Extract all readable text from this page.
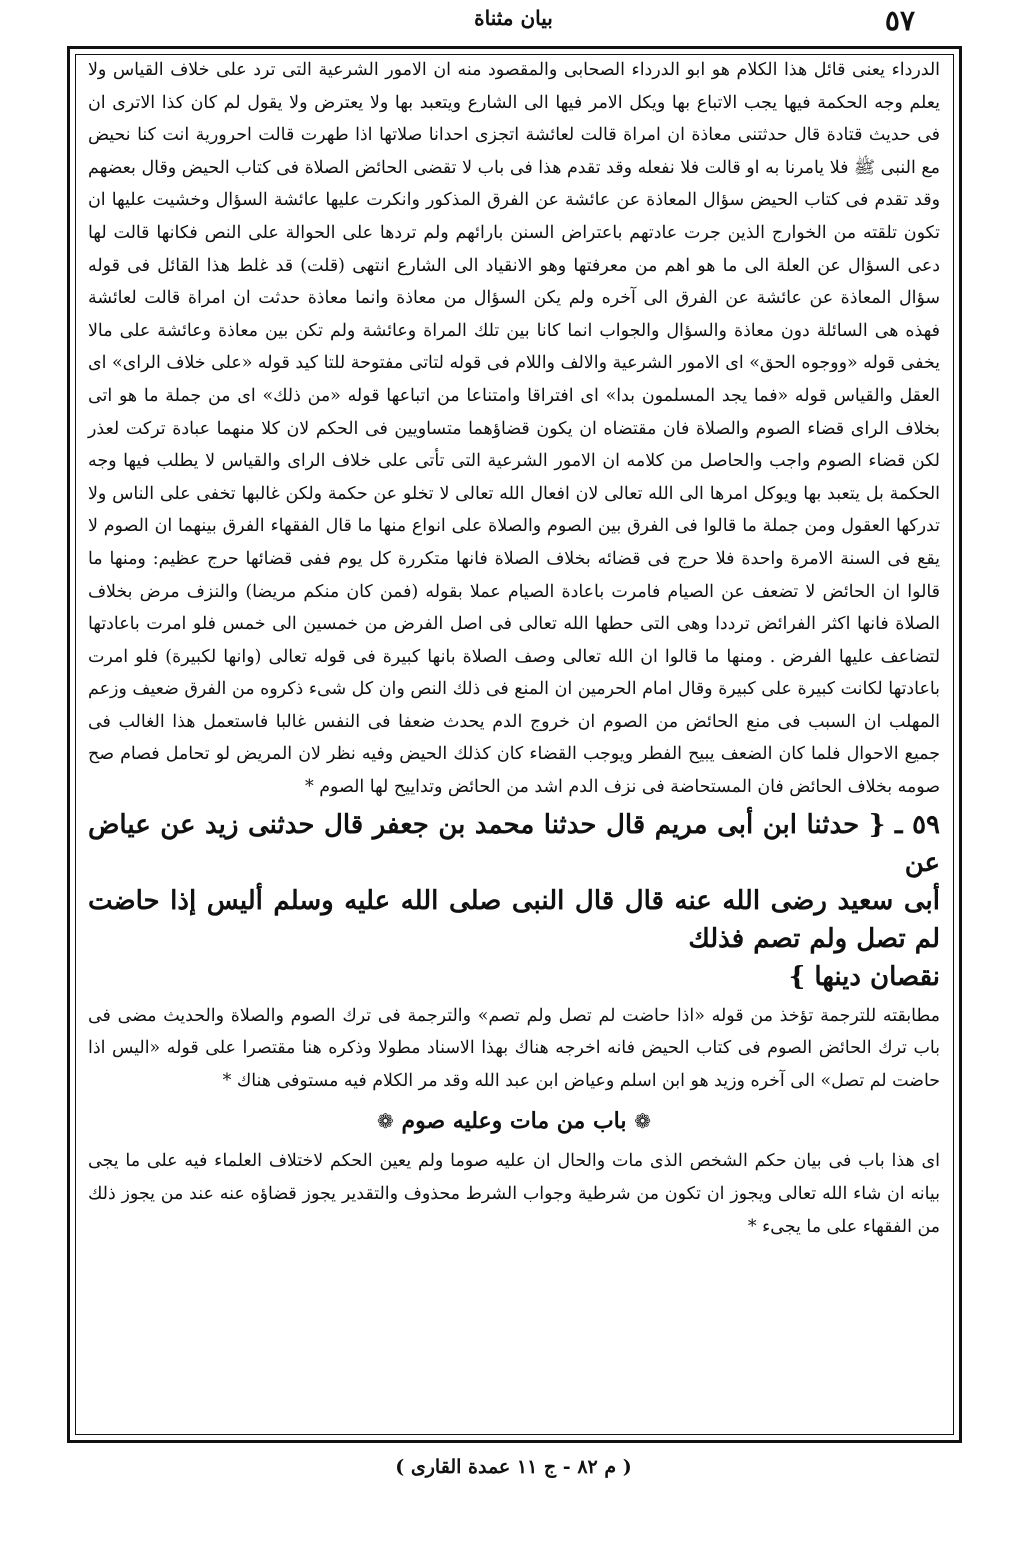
٥٧
بيان مثناة
الدرداء يعنى قائل هذا الكلام هو ابو الدرداء الصحابى والمقصود منه ان الامور الشرعية التى ترد على خلاف القياس ولا يعلم وجه الحكمة فيها يجب الاتباع بها ويكل الامر فيها الى الشارع ويتعبد بها ولا يعترض ولا يقول لم كان كذا الاترى ان فى حديث قتادة قال حدثتنى معاذة ان امراة قالت لعائشة اتجزى احدانا صلاتها اذا طهرت قالت احرورية انت كنا نحيض مع النبى ﷺ فلا يامرنا به او قالت فلا نفعله وقد تقدم هذا فى باب لا تقضى الحائض الصلاة فى كتاب الحيض وقال بعضهم وقد تقدم فى كتاب الحيض سؤال المعاذة عن عائشة عن الفرق المذكور وانكرت عليها عائشة السؤال وخشيت عليها ان تكون تلقته من الخوارج الذين جرت عادتهم باعتراض السنن بارائهم ولم تردها على الحوالة على النص فكانها قالت لها دعى السؤال عن العلة الى ما هو اهم من معرفتها وهو الانقياد الى الشارع انتهى (قلت) قد غلط هذا القائل فى قوله سؤال المعاذة عن عائشة عن الفرق الى آخره ولم يكن السؤال من معاذة وانما معاذة حدثت ان امراة قالت لعائشة فهذه هى السائلة دون معاذة والسؤال والجواب انما كانا بين تلك المراة وعائشة ولم تكن بين معاذة وعائشة على مالا يخفى قوله «ووجوه الحق» اى الامور الشرعية والالف واللام فى قوله لتاتى مفتوحة للتا كيد قوله «على خلاف الراى» اى العقل والقياس قوله «فما يجد المسلمون بدا» اى افتراقا وامتناعا من اتباعها قوله «من ذلك» اى من جملة ما هو اتى بخلاف الراى قضاء الصوم والصلاة فان مقتضاه ان يكون قضاؤهما متساويين فى الحكم لان كلا منهما عبادة تركت لعذر لكن قضاء الصوم واجب والحاصل من كلامه ان الامور الشرعية التى تأتى على خلاف الراى والقياس لا يطلب فيها وجه الحكمة بل يتعبد بها ويوكل امرها الى الله تعالى لان افعال الله تعالى لا تخلو عن حكمة ولكن غالبها تخفى على الناس ولا تدركها العقول ومن جملة ما قالوا فى الفرق بين الصوم والصلاة على انواع منها ما قال الفقهاء الفرق بينهما ان الصوم لا يقع فى السنة الامرة واحدة فلا حرج فى قضائه بخلاف الصلاة فانها متكررة كل يوم ففى قضائها حرج عظيم: ومنها ما قالوا ان الحائض لا تضعف عن الصيام فامرت باعادة الصيام عملا بقوله (فمن كان منكم مريضا) والنزف مرض بخلاف الصلاة فانها اكثر الفرائض ترددا وهى التى حطها الله تعالى فى اصل الفرض من خمسين الى خمس فلو امرت باعادتها لتضاعف عليها الفرض . ومنها ما قالوا ان الله تعالى وصف الصلاة بانها كبيرة فى قوله تعالى (وانها لكبيرة) فلو امرت باعادتها لكانت كبيرة على كبيرة وقال امام الحرمين ان المنع فى ذلك النص وان كل شىء ذكروه من الفرق ضعيف وزعم المهلب ان السبب فى منع الحائض من الصوم ان خروج الدم يحدث ضعفا فى النفس غالبا فاستعمل هذا الغالب فى جميع الاحوال فلما كان الضعف يبيح الفطر ويوجب القضاء كان كذلك الحيض وفيه نظر لان المريض لو تحامل فصام صح صومه بخلاف الحائض فان المستحاضة فى نزف الدم اشد من الحائض وتداييح لها الصوم *

٥٩ ـ { حدثنا ابن أبى مريم قال حدثنا محمد بن جعفر قال حدثنى زيد عن عياض عن

أبى سعيد رضى الله عنه قال قال النبى صلى الله عليه وسلم أليس إذا حاضت لم تصل ولم تصم فذلك

نقصان دينها }

مطابقته للترجمة تؤخذ من قوله «اذا حاضت لم تصل ولم تصم» والترجمة فى ترك الصوم والصلاة والحديث مضى فى باب ترك الحائض الصوم فى كتاب الحيض فانه اخرجه هناك بهذا الاسناد مطولا وذكره هنا مقتصرا على قوله «اليس اذا حاضت لم تصل» الى آخره وزيد هو ابن اسلم وعياض ابن عبد الله وقد مر الكلام فيه مستوفى هناك *
❁ باب من مات وعليه صوم ❁
اى هذا باب فى بيان حكم الشخص الذى مات والحال ان عليه صوما ولم يعين الحكم لاختلاف العلماء فيه على ما يجى بيانه ان شاء الله تعالى ويجوز ان تكون من شرطية وجواب الشرط محذوف والتقدير يجوز قضاؤه عنه عند من يجوز ذلك من الفقهاء على ما يجىء *
( م ٨٢ - ج ١١ عمدة القارى )
